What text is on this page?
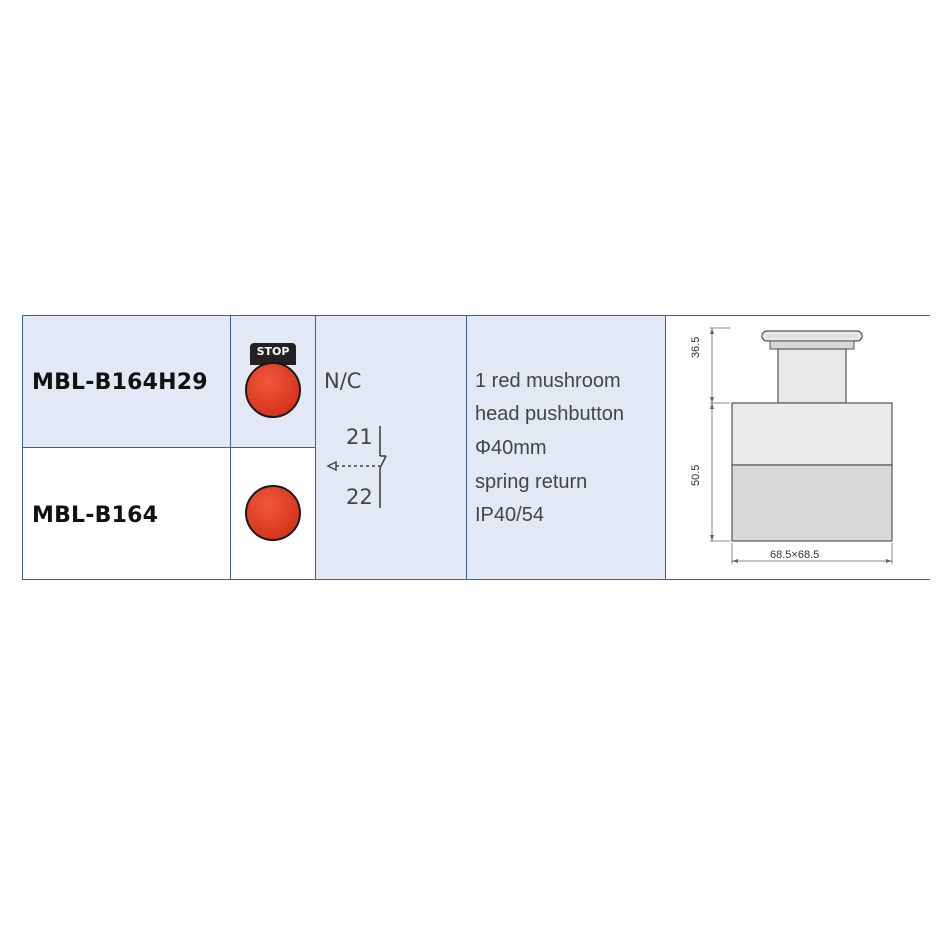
MBL-B164H29
MBL-B164
STOP
N/C
21
22
1 red mushroom
head pushbutton
Φ40mm
spring return
IP40/54
36.5
50.5
68.5×68.5
